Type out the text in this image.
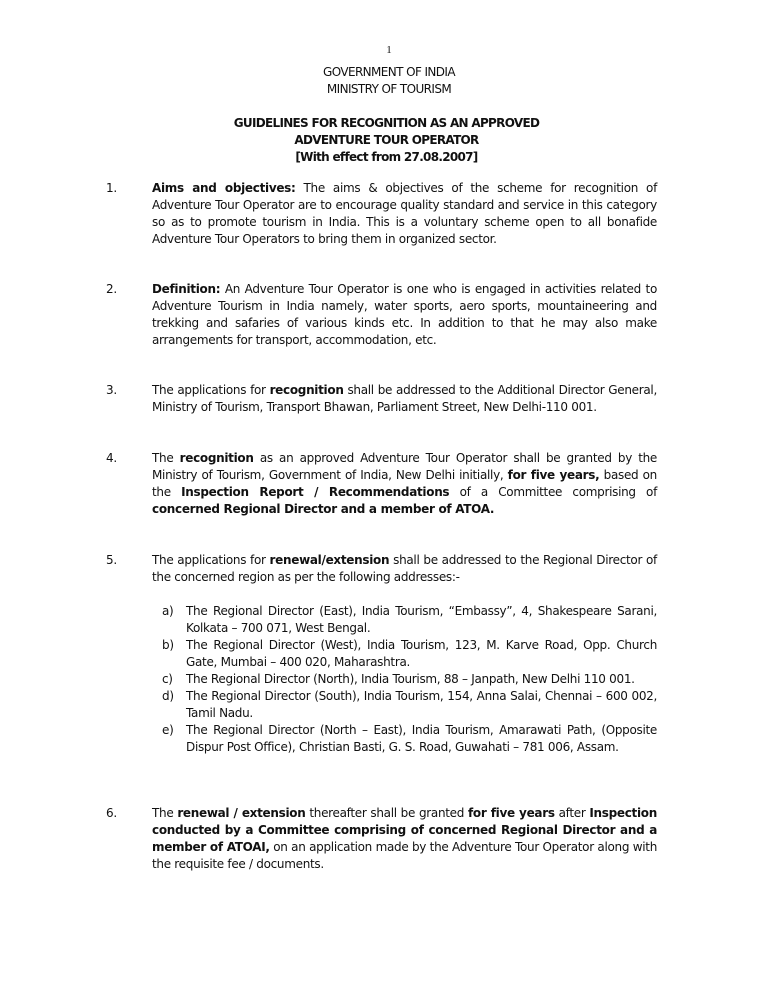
1
GOVERNMENT OF INDIA
MINISTRY OF TOURISM
GUIDELINES FOR RECOGNITION AS AN APPROVED
ADVENTURE TOUR OPERATOR
[With effect from 27.08.2007]
1.	Aims and objectives: The aims & objectives of the scheme for recognition of Adventure Tour Operator are to encourage quality standard and service in this category so as to promote tourism in India. This is a voluntary scheme open to all bonafide Adventure Tour Operators to bring them in organized sector.
2.	Definition: An Adventure Tour Operator is one who is engaged in activities related to Adventure Tourism in India namely, water sports, aero sports, mountaineering and trekking and safaries of various kinds etc. In addition to that he may also make arrangements for transport, accommodation, etc.
3.	The applications for recognition shall be addressed to the Additional Director General, Ministry of Tourism, Transport Bhawan, Parliament Street, New Delhi-110 001.
4.	The recognition as an approved Adventure Tour Operator shall be granted by the Ministry of Tourism, Government of India, New Delhi initially, for five years, based on the Inspection Report / Recommendations of a Committee comprising of concerned Regional Director and a member of ATOA.
5.	The applications for renewal/extension shall be addressed to the Regional Director of the concerned region as per the following addresses:-
a)	The Regional Director (East), India Tourism, “Embassy”, 4, Shakespeare Sarani, Kolkata – 700 071, West Bengal.
b)	The Regional Director (West), India Tourism, 123, M. Karve Road, Opp. Church Gate, Mumbai – 400 020, Maharashtra.
c)	The Regional Director (North), India Tourism, 88 – Janpath, New Delhi 110 001.
d)	The Regional Director (South), India Tourism, 154, Anna Salai, Chennai – 600 002, Tamil Nadu.
e)	The Regional Director (North – East), India Tourism, Amarawati Path, (Opposite Dispur Post Office), Christian Basti, G. S. Road, Guwahati – 781 006, Assam.
6.	The renewal / extension thereafter shall be granted for five years after Inspection conducted by a Committee comprising of concerned Regional Director and a member of ATOAI, on an application made by the Adventure Tour Operator along with the requisite fee / documents.
